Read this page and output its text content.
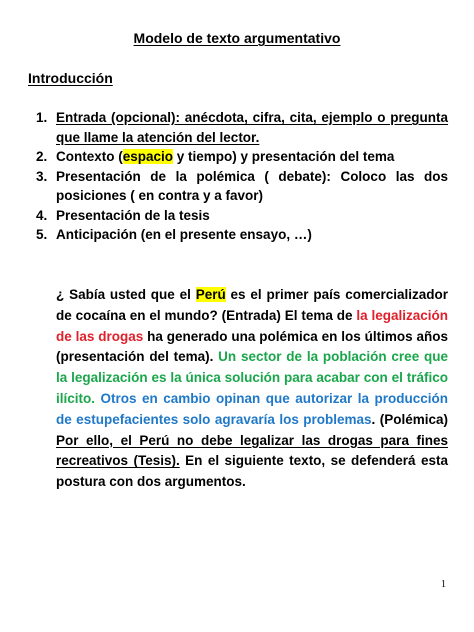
Modelo de texto argumentativo
Introducción
1. Entrada (opcional): anécdota, cifra, cita, ejemplo o pregunta que llame la atención del lector.
2. Contexto (espacio y tiempo) y presentación del tema
3. Presentación de la polémica ( debate): Coloco las dos posiciones ( en contra y a favor)
4. Presentación de la tesis
5. Anticipación (en el presente ensayo, …)
¿ Sabía usted que el Perú es el primer país comercializador de cocaína en el mundo? (Entrada) El tema de la legalización de las drogas ha generado una polémica en los últimos años (presentación del tema). Un sector de la población cree que la legalización es la única solución para acabar con el tráfico ilícito. Otros en cambio opinan que autorizar la producción de estupefacientes solo agravaría los problemas. (Polémica) Por ello, el Perú no debe legalizar las drogas para fines recreativos (Tesis). En el siguiente texto, se defenderá esta postura con dos argumentos.
1
